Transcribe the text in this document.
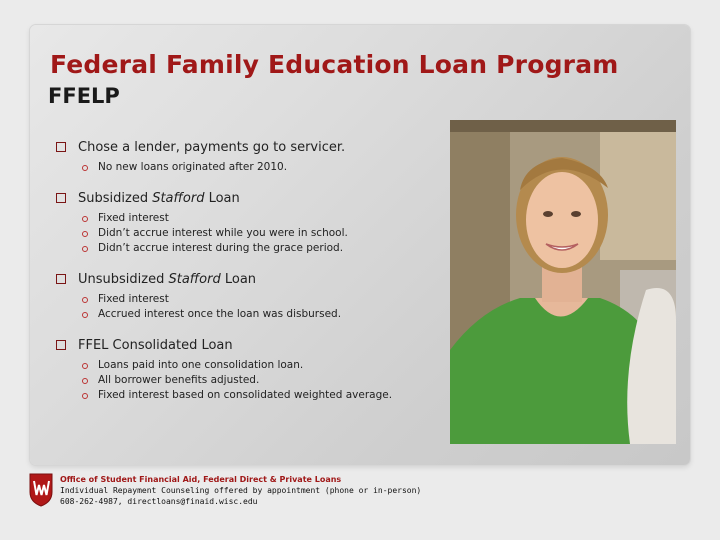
Federal Family Education Loan Program
FFELP
Chose a lender, payments go to servicer.
No new loans originated after 2010.
Subsidized Stafford Loan
Fixed interest
Didn’t accrue interest while you were in school.
Didn’t accrue interest during the grace period.
Unsubsidized Stafford Loan
Fixed interest
Accrued interest once the loan was disbursed.
FFEL Consolidated Loan
Loans paid into one consolidation loan.
All borrower benefits adjusted.
Fixed interest based on consolidated weighted average.
Office of Student Financial Aid, Federal Direct & Private Loans
Individual Repayment Counseling offered by appointment (phone or in-person)
608-262-4987, directloans@finaid.wisc.edu
